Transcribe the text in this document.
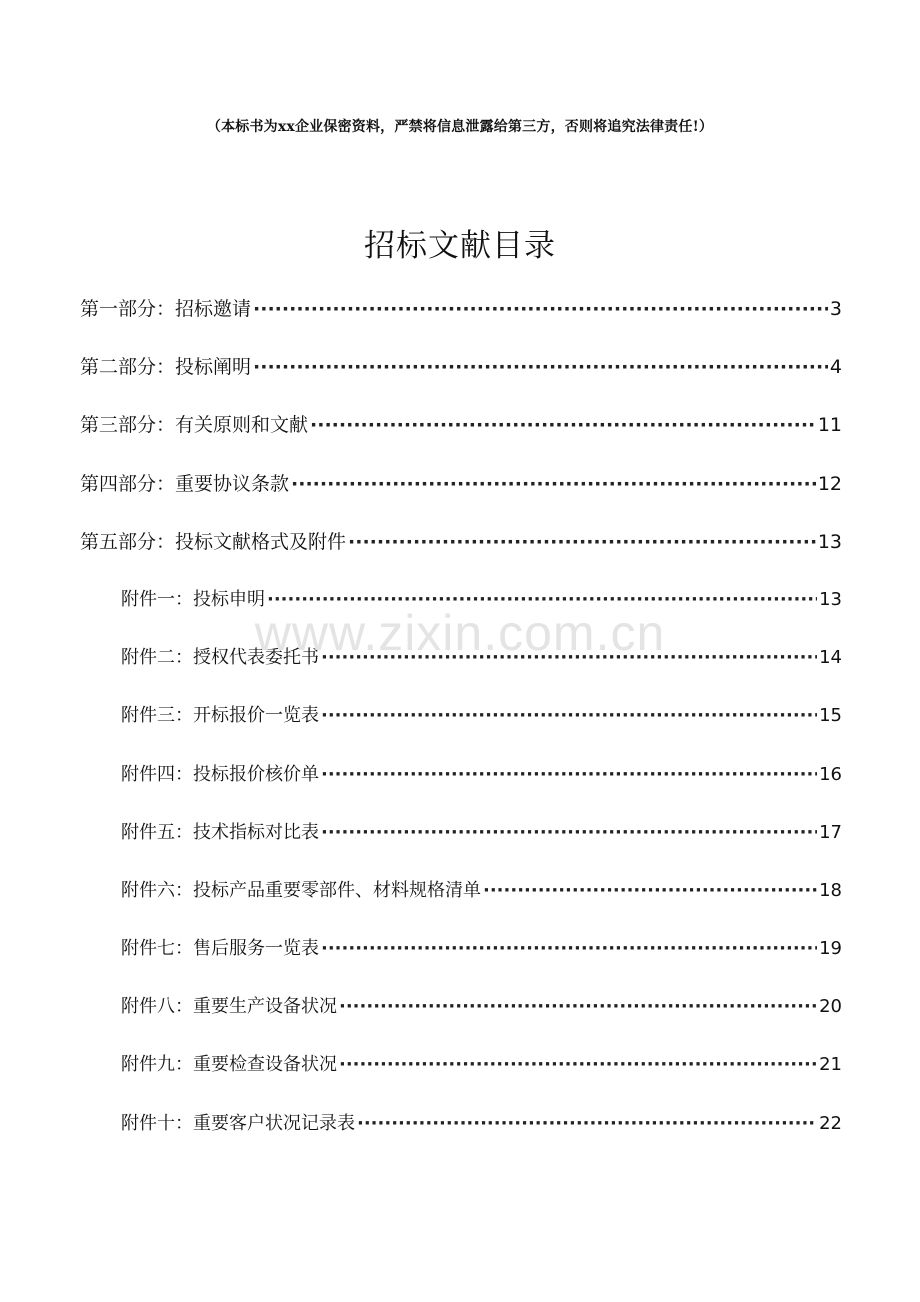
（本标书为xx企业保密资料，严禁将信息泄露给第三方，否则将追究法律责任!）
招标文献目录
第一部分：招标邀请 ·····	3
第二部分：投标阐明 ·····	4
第三部分：有关原则和文献 ·····	11
第四部分：重要协议条款 ·····	12
第五部分：投标文献格式及附件 ·····	13
附件一：投标申明 ·····	13
附件二：授权代表委托书 ·····	14
附件三：开标报价一览表 ·····	15
附件四：投标报价核价单 ·····	16
附件五：技术指标对比表 ·····	17
附件六：投标产品重要零部件、材料规格清单 ·····	18
附件七：售后服务一览表 ·····	19
附件八：重要生产设备状况 ·····	20
附件九：重要检查设备状况 ·····	21
附件十：重要客户状况记录表 ·····	22
www.zixin.com.cn
